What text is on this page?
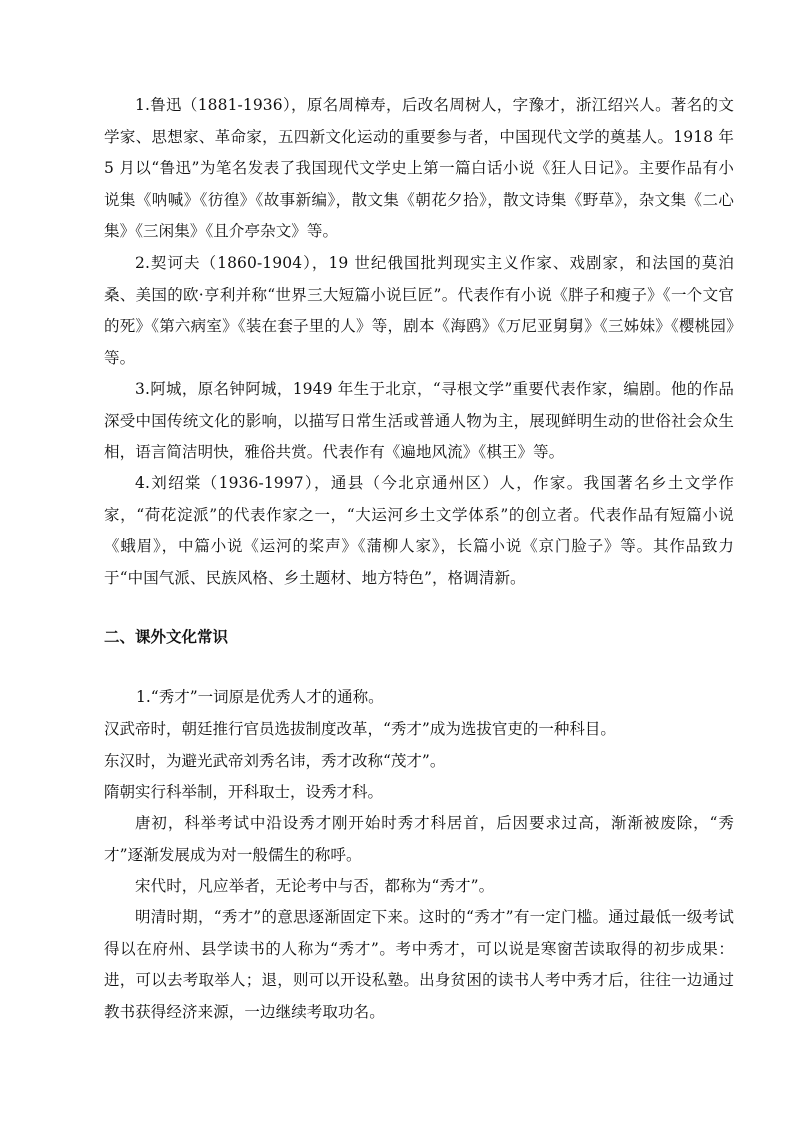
1.鲁迅（1881-1936），原名周樟寿，后改名周树人，字豫才，浙江绍兴人。著名的文学家、思想家、革命家，五四新文化运动的重要参与者，中国现代文学的奠基人。1918 年 5 月以“鲁迅”为笔名发表了我国现代文学史上第一篇白话小说《狂人日记》。主要作品有小说集《呐喊》《彷徨》《故事新编》，散文集《朝花夕拾》，散文诗集《野草》，杂文集《二心集》《三闲集》《且介亭杂文》等。

2.契诃夫（1860-1904），19 世纪俄国批判现实主义作家、戏剧家，和法国的莫泊桑、美国的欧·亨利并称“世界三大短篇小说巨匠”。代表作有小说《胖子和瘦子》《一个文官的死》《第六病室》《装在套子里的人》等，剧本《海鸥》《万尼亚舅舅》《三姊妹》《樱桃园》等。

3.阿城，原名钟阿城，1949 年生于北京，“寻根文学”重要代表作家，编剧。他的作品深受中国传统文化的影响，以描写日常生活或普通人物为主，展现鲜明生动的世俗社会众生相，语言简洁明快，雅俗共赏。代表作有《遍地风流》《棋王》等。

4.刘绍棠（1936-1997），通县（今北京通州区）人，作家。我国著名乡土文学作家，“荷花淀派”的代表作家之一，“大运河乡土文学体系”的创立者。代表作品有短篇小说《蛾眉》，中篇小说《运河的桨声》《蒲柳人家》，长篇小说《京门脸子》等。其作品致力于“中国气派、民族风格、乡土题材、地方特色”，格调清新。

二、课外文化常识

1.“秀才”一词原是优秀人才的通称。

汉武帝时，朝廷推行官员选拔制度改革，“秀才”成为选拔官吏的一种科目。

东汉时，为避光武帝刘秀名讳，秀才改称“茂才”。

隋朝实行科举制，开科取士，设秀才科。

唐初，科举考试中沿设秀才刚开始时秀才科居首，后因要求过高，渐渐被废除，“秀才”逐渐发展成为对一般儒生的称呼。

宋代时，凡应举者，无论考中与否，都称为“秀才”。

明清时期，“秀才”的意思逐渐固定下来。这时的“秀才”有一定门槛。通过最低一级考试得以在府州、县学读书的人称为“秀才”。考中秀才，可以说是寒窗苦读取得的初步成果：进，可以去考取举人；退，则可以开设私塾。出身贫困的读书人考中秀才后，往往一边通过教书获得经济来源，一边继续考取功名。
